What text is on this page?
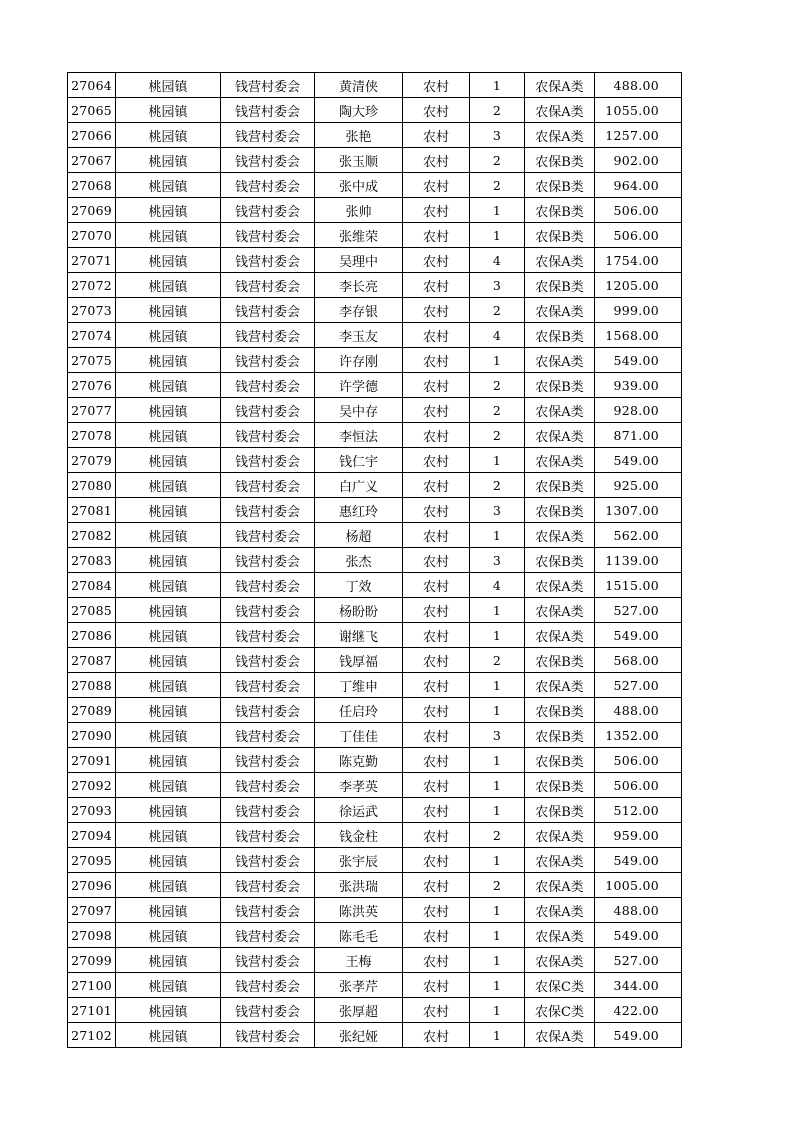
27064	桃园镇	钱营村委会	黄清侠	农村	1	农保A类	488.00
27065	桃园镇	钱营村委会	陶大珍	农村	2	农保A类	1055.00
27066	桃园镇	钱营村委会	张艳	农村	3	农保A类	1257.00
27067	桃园镇	钱营村委会	张玉顺	农村	2	农保B类	902.00
27068	桃园镇	钱营村委会	张中成	农村	2	农保B类	964.00
27069	桃园镇	钱营村委会	张帅	农村	1	农保B类	506.00
27070	桃园镇	钱营村委会	张维荣	农村	1	农保B类	506.00
27071	桃园镇	钱营村委会	吴理中	农村	4	农保A类	1754.00
27072	桃园镇	钱营村委会	李长亮	农村	3	农保B类	1205.00
27073	桃园镇	钱营村委会	李存银	农村	2	农保A类	999.00
27074	桃园镇	钱营村委会	李玉友	农村	4	农保B类	1568.00
27075	桃园镇	钱营村委会	许存刚	农村	1	农保A类	549.00
27076	桃园镇	钱营村委会	许学德	农村	2	农保B类	939.00
27077	桃园镇	钱营村委会	吴中存	农村	2	农保A类	928.00
27078	桃园镇	钱营村委会	李恒法	农村	2	农保A类	871.00
27079	桃园镇	钱营村委会	钱仁宇	农村	1	农保A类	549.00
27080	桃园镇	钱营村委会	白广义	农村	2	农保B类	925.00
27081	桃园镇	钱营村委会	惠红玲	农村	3	农保B类	1307.00
27082	桃园镇	钱营村委会	杨超	农村	1	农保A类	562.00
27083	桃园镇	钱营村委会	张杰	农村	3	农保B类	1139.00
27084	桃园镇	钱营村委会	丁效	农村	4	农保A类	1515.00
27085	桃园镇	钱营村委会	杨盼盼	农村	1	农保A类	527.00
27086	桃园镇	钱营村委会	谢继飞	农村	1	农保A类	549.00
27087	桃园镇	钱营村委会	钱厚福	农村	2	农保B类	568.00
27088	桃园镇	钱营村委会	丁维申	农村	1	农保A类	527.00
27089	桃园镇	钱营村委会	任启玲	农村	1	农保B类	488.00
27090	桃园镇	钱营村委会	丁佳佳	农村	3	农保B类	1352.00
27091	桃园镇	钱营村委会	陈克勤	农村	1	农保B类	506.00
27092	桃园镇	钱营村委会	李孝英	农村	1	农保B类	506.00
27093	桃园镇	钱营村委会	徐运武	农村	1	农保B类	512.00
27094	桃园镇	钱营村委会	钱金柱	农村	2	农保A类	959.00
27095	桃园镇	钱营村委会	张宇辰	农村	1	农保A类	549.00
27096	桃园镇	钱营村委会	张洪瑞	农村	2	农保A类	1005.00
27097	桃园镇	钱营村委会	陈洪英	农村	1	农保A类	488.00
27098	桃园镇	钱营村委会	陈毛毛	农村	1	农保A类	549.00
27099	桃园镇	钱营村委会	王梅	农村	1	农保A类	527.00
27100	桃园镇	钱营村委会	张孝芹	农村	1	农保C类	344.00
27101	桃园镇	钱营村委会	张厚超	农村	1	农保C类	422.00
27102	桃园镇	钱营村委会	张纪娅	农村	1	农保A类	549.00
